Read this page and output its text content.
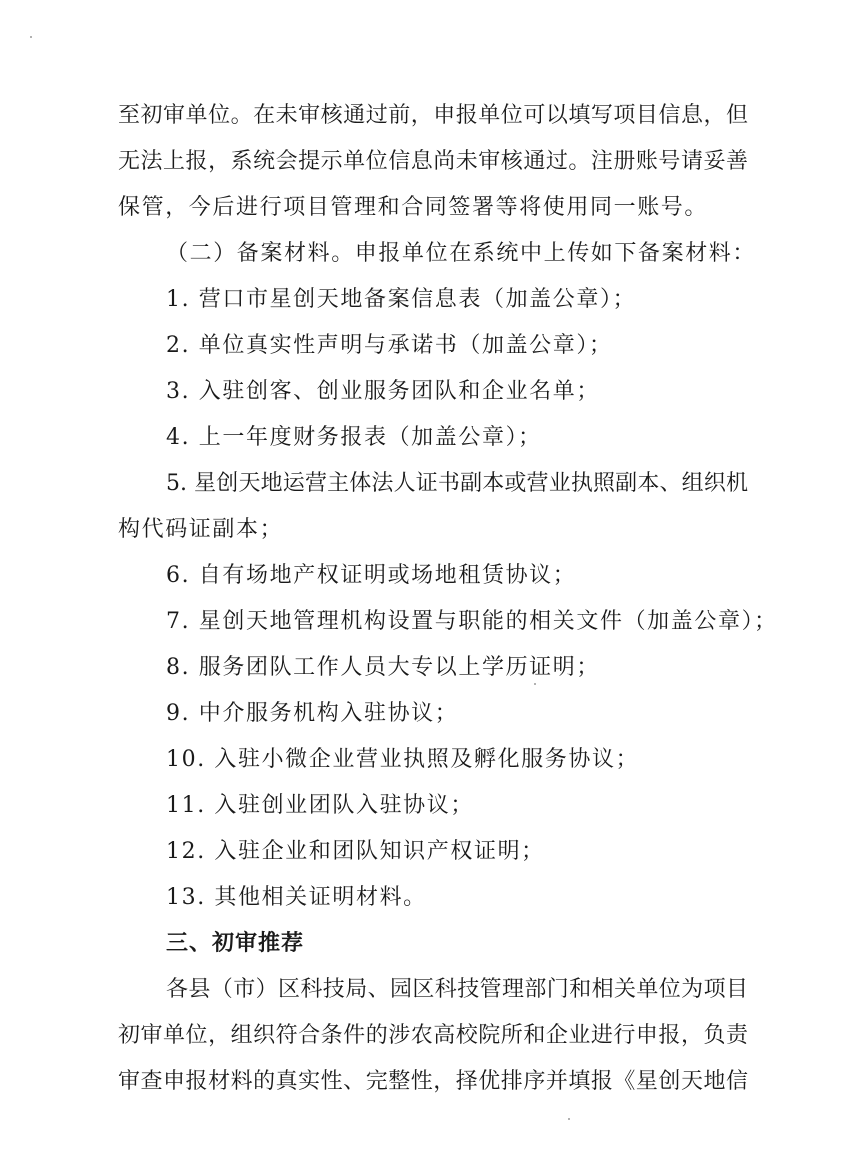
至初审单位。在未审核通过前，申报单位可以填写项目信息，但
无法上报，系统会提示单位信息尚未审核通过。注册账号请妥善
保管，今后进行项目管理和合同签署等将使用同一账号。
（二）备案材料。申报单位在系统中上传如下备案材料：
1. 营口市星创天地备案信息表（加盖公章）；
2. 单位真实性声明与承诺书（加盖公章）；
3. 入驻创客、创业服务团队和企业名单；
4. 上一年度财务报表（加盖公章）；
5. 星创天地运营主体法人证书副本或营业执照副本、组织机
构代码证副本；
6. 自有场地产权证明或场地租赁协议；
7. 星创天地管理机构设置与职能的相关文件（加盖公章）；
8. 服务团队工作人员大专以上学历证明；
9. 中介服务机构入驻协议；
10. 入驻小微企业营业执照及孵化服务协议；
11. 入驻创业团队入驻协议；
12. 入驻企业和团队知识产权证明；
13. 其他相关证明材料。
三、初审推荐
各县（市）区科技局、园区科技管理部门和相关单位为项目
初审单位，组织符合条件的涉农高校院所和企业进行申报，负责
审查申报材料的真实性、完整性，择优排序并填报《星创天地信
